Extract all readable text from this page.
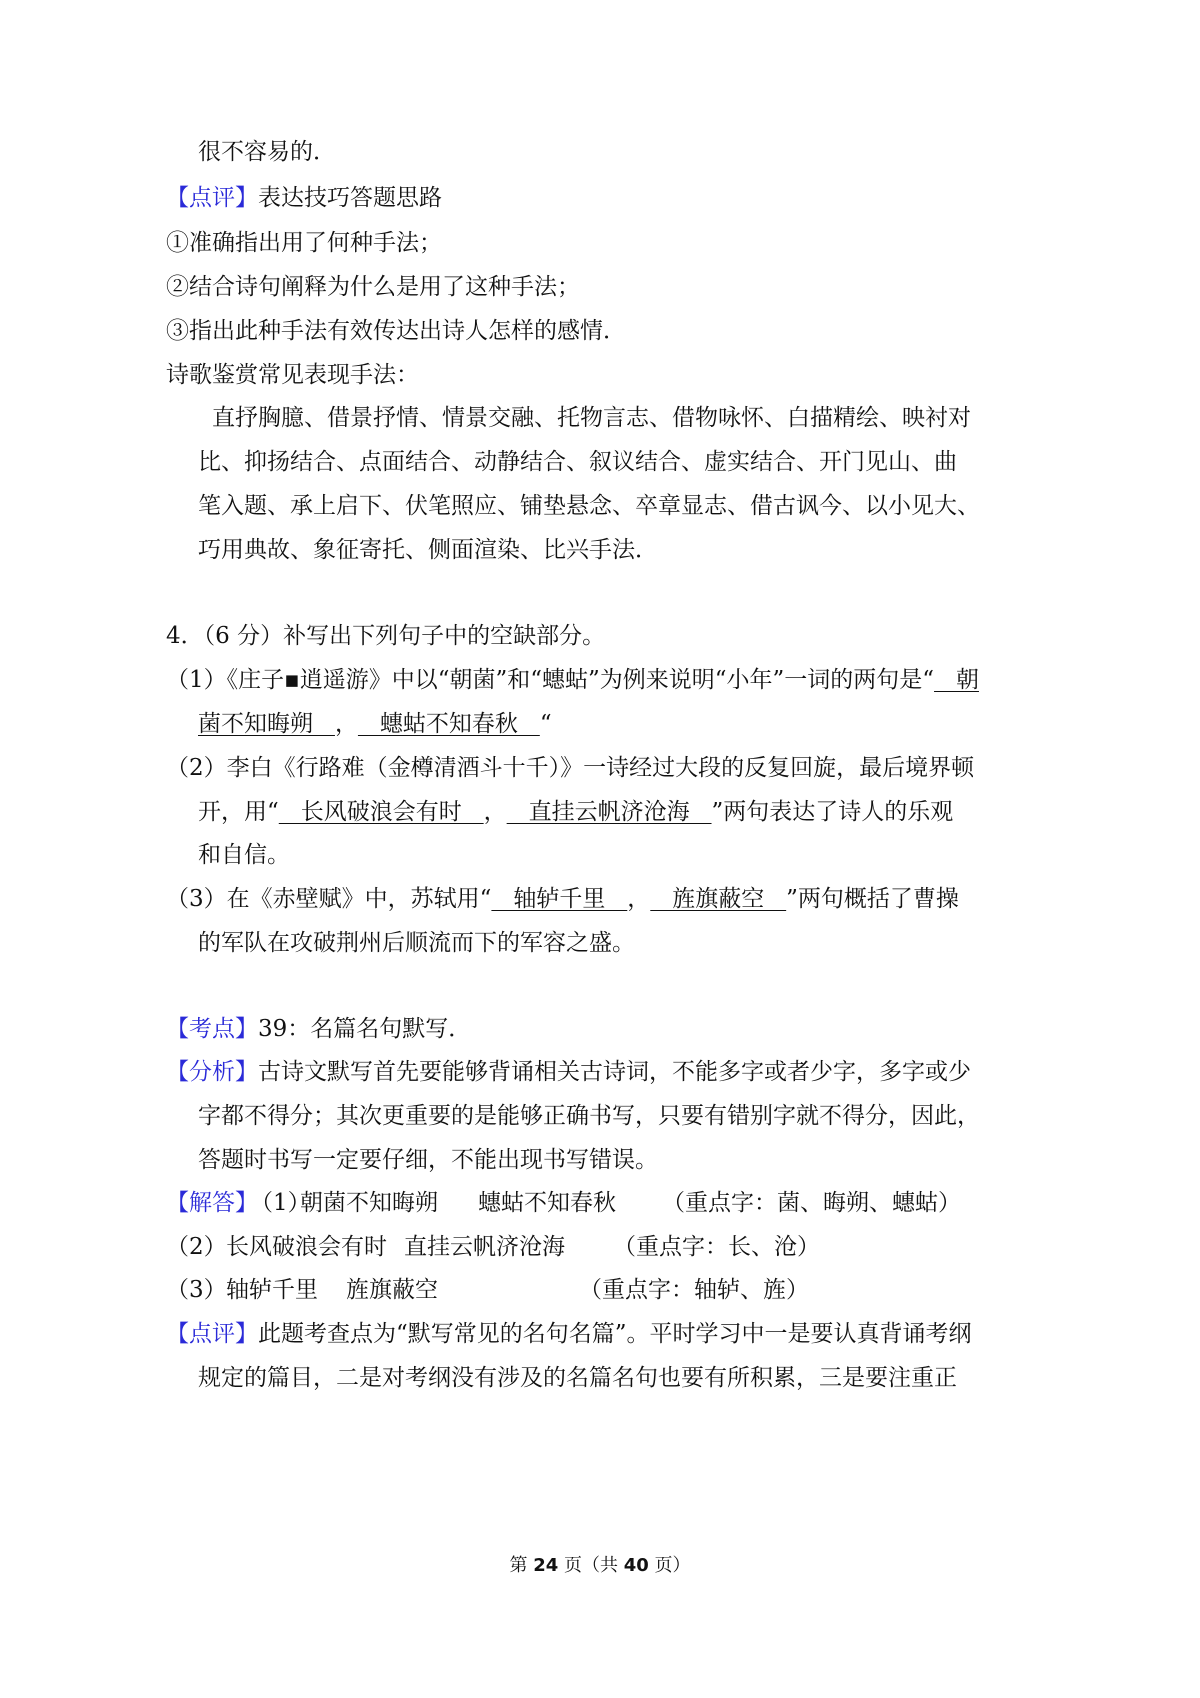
很不容易的．
【点评】表达技巧答题思路
①准确指出用了何种手法；
②结合诗句阐释为什么是用了这种手法；
③指出此种手法有效传达出诗人怎样的感情．
诗歌鉴赏常见表现手法：
直抒胸臆、借景抒情、情景交融、托物言志、借物咏怀、白描精绘、映衬对
比、抑扬结合、点面结合、动静结合、叙议结合、虚实结合、开门见山、曲
笔入题、承上启下、伏笔照应、铺垫悬念、卒章显志、借古讽今、以小见大、
巧用典故、象征寄托、侧面渲染、比兴手法．
4．（6 分）补写出下列句子中的空缺部分。
（1）《庄子▪逍遥游》中以“朝菌”和“蟪蛄”为例来说明“小年”一词的两句是“   朝
菌不知晦朔   ，   蟪蛄不知春秋   “
（2）李白《行路难（金樽清酒斗十千）》一诗经过大段的反复回旋，最后境界顿
开，用“   长风破浪会有时   ，   直挂云帆济沧海   ”两句表达了诗人的乐观
和自信。
（3）在《赤壁赋》中，苏轼用“   轴轳千里   ，   旌旗蔽空   ”两句概括了曹操
的军队在攻破荆州后顺流而下的军容之盛。
【考点】39：名篇名句默写．
【分析】古诗文默写首先要能够背诵相关古诗词，不能多字或者少字，多字或少
字都不得分；其次更重要的是能够正确书写，只要有错别字就不得分，因此，
答题时书写一定要仔细，不能出现书写错误。
【解答】
（1）
朝菌不知晦朔 蟪蛄不知春秋 （重点字：菌、晦朔、蟪蛄）
（2） 长风破浪会有时 直挂云帆济沧海 （重点字：长、沧）
（3） 轴轳千里 旌旗蔽空	（重点字：轴轳、旌）
【点评】此题考查点为“默写常见的名句名篇”。平时学习中一是要认真背诵考纲
规定的篇目，二是对考纲没有涉及的名篇名句也要有所积累，三是要注重正
第 24 页（共 40 页）
